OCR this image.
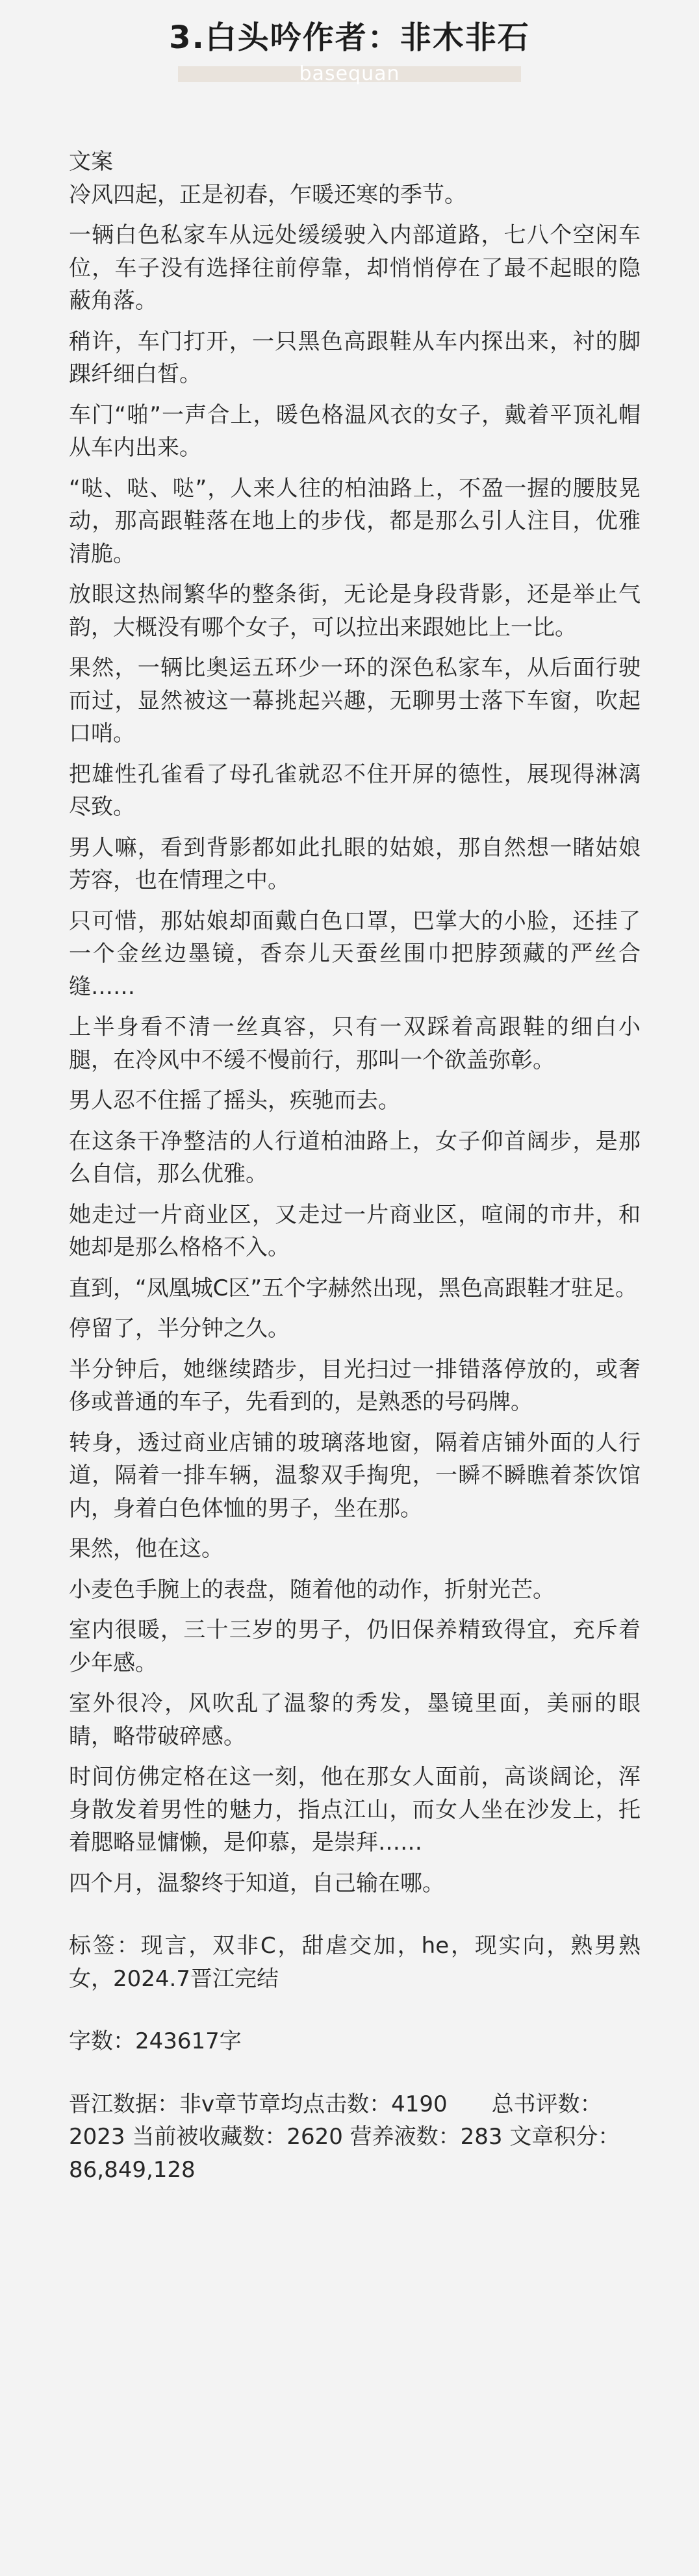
3.白头吟作者：非木非石
basequan

文案

冷风四起，正是初春，乍暖还寒的季节。

一辆白色私家车从远处缓缓驶入内部道路，七八个空闲车位，车子没有选择往前停靠，却悄悄停在了最不起眼的隐蔽角落。

稍许，车门打开，一只黑色高跟鞋从车内探出来，衬的脚踝纤细白皙。

车门“啪”一声合上，暖色格温风衣的女子，戴着平顶礼帽从车内出来。

“哒、哒、哒”，人来人往的柏油路上，不盈一握的腰肢晃动，那高跟鞋落在地上的步伐，都是那么引人注目，优雅清脆。

放眼这热闹繁华的整条街，无论是身段背影，还是举止气韵，大概没有哪个女子，可以拉出来跟她比上一比。

果然，一辆比奥运五环少一环的深色私家车，从后面行驶而过，显然被这一幕挑起兴趣，无聊男士落下车窗，吹起口哨。

把雄性孔雀看了母孔雀就忍不住开屏的德性，展现得淋漓尽致。

男人嘛，看到背影都如此扎眼的姑娘，那自然想一睹姑娘芳容，也在情理之中。

只可惜，那姑娘却面戴白色口罩，巴掌大的小脸，还挂了一个金丝边墨镜，香奈儿天蚕丝围巾把脖颈藏的严丝合缝……

上半身看不清一丝真容，只有一双踩着高跟鞋的细白小腿，在冷风中不缓不慢前行，那叫一个欲盖弥彰。

男人忍不住摇了摇头，疾驰而去。

在这条干净整洁的人行道柏油路上，女子仰首阔步，是那么自信，那么优雅。

她走过一片商业区，又走过一片商业区，喧闹的市井，和她却是那么格格不入。

直到，“凤凰城C区”五个字赫然出现，黑色高跟鞋才驻足。

停留了，半分钟之久。

半分钟后，她继续踏步，目光扫过一排错落停放的，或奢侈或普通的车子，先看到的，是熟悉的号码牌。

转身，透过商业店铺的玻璃落地窗，隔着店铺外面的人行道，隔着一排车辆，温黎双手掏兜，一瞬不瞬瞧着茶饮馆内，身着白色体恤的男子，坐在那。

果然，他在这。

小麦色手腕上的表盘，随着他的动作，折射光芒。

室内很暖，三十三岁的男子，仍旧保养精致得宜，充斥着少年感。

室外很冷，风吹乱了温黎的秀发，墨镜里面，美丽的眼睛，略带破碎感。

时间仿佛定格在这一刻，他在那女人面前，高谈阔论，浑身散发着男性的魅力，指点江山，而女人坐在沙发上，托着腮略显慵懒，是仰慕，是崇拜……

四个月，温黎终于知道，自己输在哪。

标签：现言，双非C，甜虐交加，he，现实向，熟男熟女，2024.7晋江完结

字数：243617字

晋江数据：非v章节章均点击数：4190　　总书评数：2023 当前被收藏数：2620 营养液数：283 文章积分：86,849,128
